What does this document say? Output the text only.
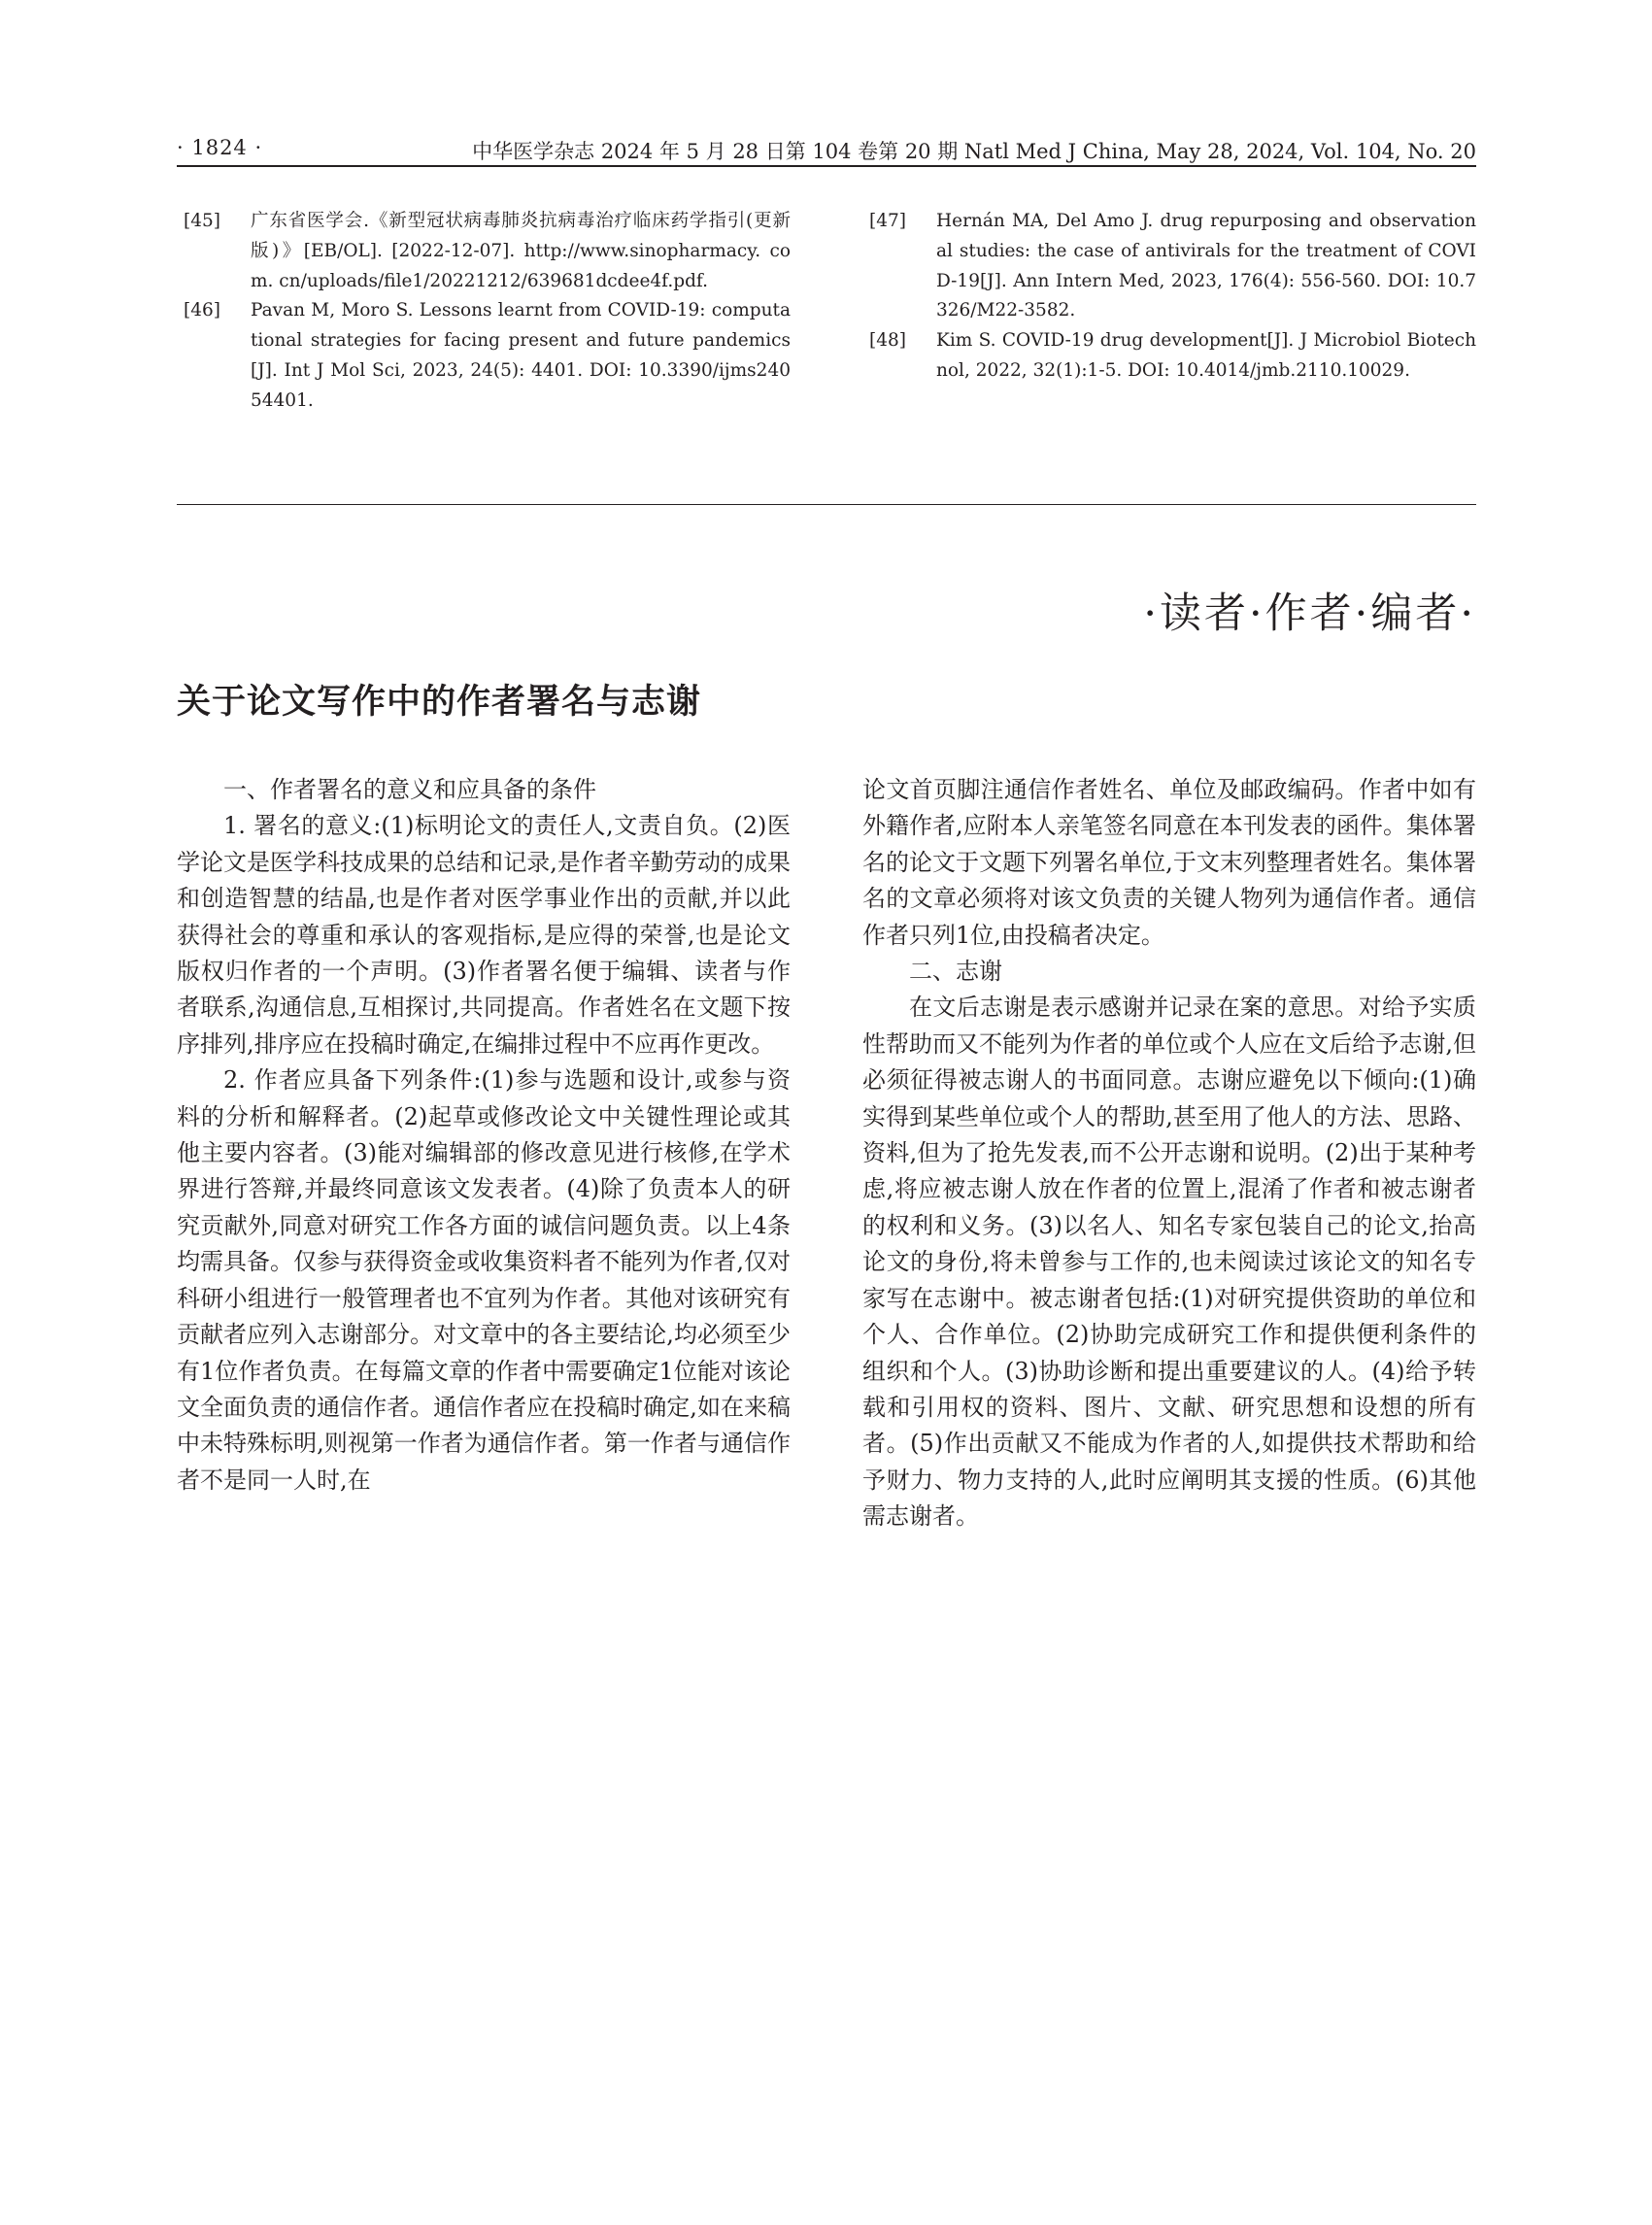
· 1824 ·	中华医学杂志 2024 年 5 月 28 日第 104 卷第 20 期 Natl Med J China, May 28, 2024, Vol. 104, No. 20

[45] 广东省医学会.《新型冠状病毒肺炎抗病毒治疗临床药学指引(更新版)》[EB/OL]. [2022-12-07]. http://www.sinopharmacy. com. cn/uploads/file1/20221212/639681dcdee4f.pdf.

[46] Pavan M, Moro S. Lessons learnt from COVID-19: computational strategies for facing present and future pandemics[J]. Int J Mol Sci, 2023, 24(5): 4401. DOI: 10.3390/ijms24054401.

[47] Hernán MA, Del Amo J. drug repurposing and observational studies: the case of antivirals for the treatment of COVID-19[J]. Ann Intern Med, 2023, 176(4): 556-560. DOI: 10.7326/M22-3582.

[48] Kim S. COVID-19 drug development[J]. J Microbiol Biotechnol, 2022, 32(1):1-5. DOI: 10.4014/jmb.2110.10029.

·读者·作者·编者·
关于论文写作中的作者署名与志谢

一、作者署名的意义和应具备的条件

1. 署名的意义:(1)标明论文的责任人,文责自负。(2)医学论文是医学科技成果的总结和记录,是作者辛勤劳动的成果和创造智慧的结晶,也是作者对医学事业作出的贡献,并以此获得社会的尊重和承认的客观指标,是应得的荣誉,也是论文版权归作者的一个声明。(3)作者署名便于编辑、读者与作者联系,沟通信息,互相探讨,共同提高。作者姓名在文题下按序排列,排序应在投稿时确定,在编排过程中不应再作更改。

2. 作者应具备下列条件:(1)参与选题和设计,或参与资料的分析和解释者。(2)起草或修改论文中关键性理论或其他主要内容者。(3)能对编辑部的修改意见进行核修,在学术界进行答辩,并最终同意该文发表者。(4)除了负责本人的研究贡献外,同意对研究工作各方面的诚信问题负责。以上4条均需具备。仅参与获得资金或收集资料者不能列为作者,仅对科研小组进行一般管理者也不宜列为作者。其他对该研究有贡献者应列入志谢部分。对文章中的各主要结论,均必须至少有1位作者负责。在每篇文章的作者中需要确定1位能对该论文全面负责的通信作者。通信作者应在投稿时确定,如在来稿中未特殊标明,则视第一作者为通信作者。第一作者与通信作者不是同一人时,在

论文首页脚注通信作者姓名、单位及邮政编码。作者中如有外籍作者,应附本人亲笔签名同意在本刊发表的函件。集体署名的论文于文题下列署名单位,于文末列整理者姓名。集体署名的文章必须将对该文负责的关键人物列为通信作者。通信作者只列1位,由投稿者决定。

二、志谢

在文后志谢是表示感谢并记录在案的意思。对给予实质性帮助而又不能列为作者的单位或个人应在文后给予志谢,但必须征得被志谢人的书面同意。志谢应避免以下倾向:(1)确实得到某些单位或个人的帮助,甚至用了他人的方法、思路、资料,但为了抢先发表,而不公开志谢和说明。(2)出于某种考虑,将应被志谢人放在作者的位置上,混淆了作者和被志谢者的权利和义务。(3)以名人、知名专家包装自己的论文,抬高论文的身份,将未曾参与工作的,也未阅读过该论文的知名专家写在志谢中。被志谢者包括:(1)对研究提供资助的单位和个人、合作单位。(2)协助完成研究工作和提供便利条件的组织和个人。(3)协助诊断和提出重要建议的人。(4)给予转载和引用权的资料、图片、文献、研究思想和设想的所有者。(5)作出贡献又不能成为作者的人,如提供技术帮助和给予财力、物力支持的人,此时应阐明其支援的性质。(6)其他需志谢者。
